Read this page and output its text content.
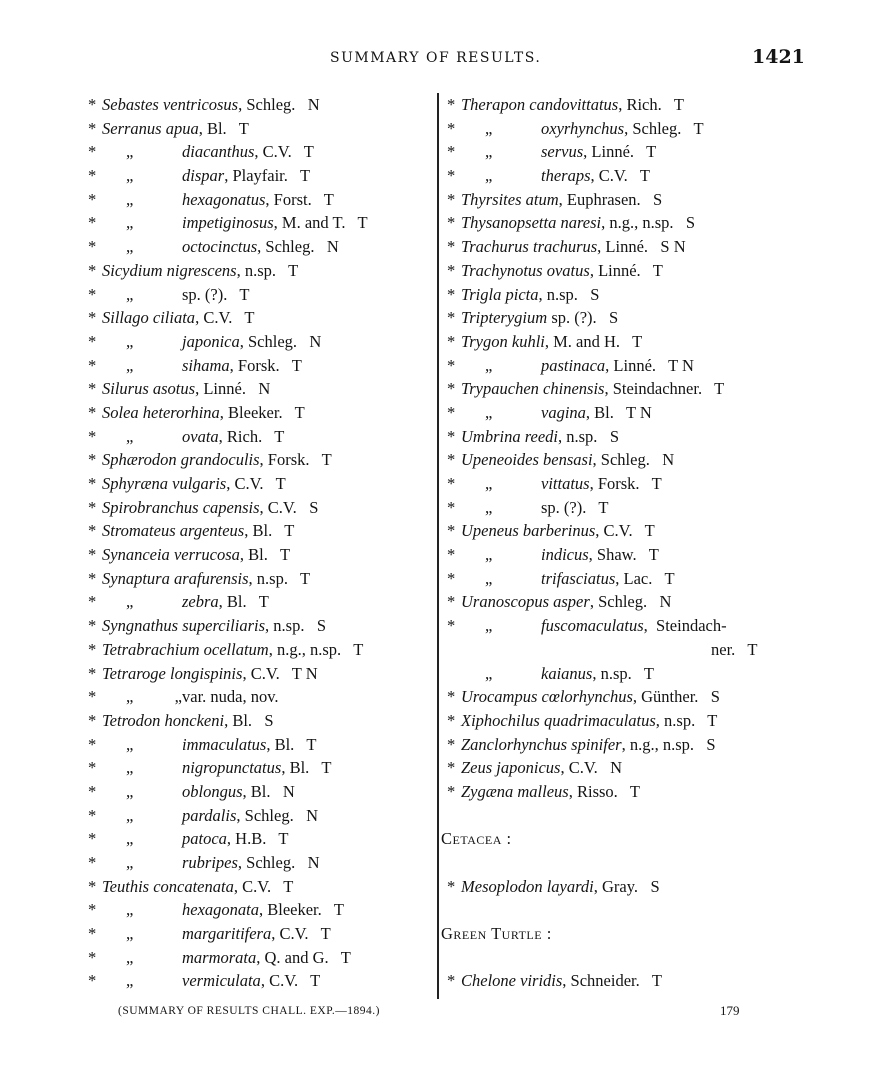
SUMMARY OF RESULTS.	1421
* Sebastes ventricosus, Schleg.   N
* Serranus apua, Bl.   T
* „	diacanthus, C.V.   T
* „	dispar, Playfair.   T
* „	hexagonatus, Forst.   T
* „	impetiginosus, M. and T.   T
* „	octocinctus, Schleg.   N
* Sicydium nigrescens, n.sp.   T
* „	sp. (?).   T
* Sillago ciliata, C.V.   T
* „	japonica, Schleg.   N
* „	sihama, Forsk.   T
* Silurus asotus, Linné.   N
* Solea heterorhina, Bleeker.   T
* „	ovata, Rich.   T
* Sphærodon grandoculis, Forsk.   T
* Sphyræna vulgaris, C.V.   T
* Spirobranchus capensis, C.V.   S
* Stromateus argenteus, Bl.   T
* Synanceia verrucosa, Bl.   T
* Synaptura arafurensis, n.sp.   T
* „	zebra, Bl.   T
* Syngnathus superciliaris, n.sp.   S
* Tetrabrachium ocellatum, n.g., n.sp.   T
* Tetraroge longispinis, C.V.   T N
* „          „ var. nuda, nov.
* Tetrodon honckeni, Bl.   S
* „	immaculatus, Bl.   T
* „	nigropunctatus, Bl.   T
* „	oblongus, Bl.   N
* „	pardalis, Schleg.   N
* „	patoca, H.B.   T
* „	rubripes, Schleg.   N
* Teuthis concatenata, C.V.   T
* „	hexagonata, Bleeker.   T
* „	margaritifera, C.V.   T
* „	marmorata, Q. and G.   T
* „	vermiculata, C.V.   T
* Therapon candovittatus, Rich.   T
* „	oxyrhynchus, Schleg.   T
* „	servus, Linné.   T
* „	theraps, C.V.   T
* Thyrsites atum, Euphrasen.   S
* Thysanopsetta naresi, n.g., n.sp.   S
* Trachurus trachurus, Linné.   S N
* Trachynotus ovatus, Linné.   T
* Trigla picta, n.sp.   S
* Tripterygium sp. (?).   S
* Trygon kuhli, M. and H.   T
* „	pastinaca, Linné.   T N
* Trypauchen chinensis, Steindachner.   T
* „	vagina, Bl.   T N
* Umbrina reedi, n.sp.   S
* Upeneoides bensasi, Schleg.   N
* „	vittatus, Forsk.   T
* „	sp. (?).   T
* Upeneus barberinus, C.V.   T
* „	indicus, Shaw.   T
* „	trifasciatus, Lac.   T
* Uranoscopus asper, Schleg.   N
* „	fuscomaculatus,  Steindach-
ner.   T
„	kaianus, n.sp.   T
* Urocampus cœlorhynchus, Günther.   S
* Xiphochilus quadrimaculatus, n.sp.   T
* Zanclorhynchus spinifer, n.g., n.sp.   S
* Zeus japonicus, C.V.   N
* Zygæna malleus, Risso.   T
Cetacea :
* Mesoplodon layardi, Gray.   S
Green Turtle :
* Chelone viridis, Schneider.   T
(SUMMARY OF RESULTS CHALL. EXP.—1894.)	179
